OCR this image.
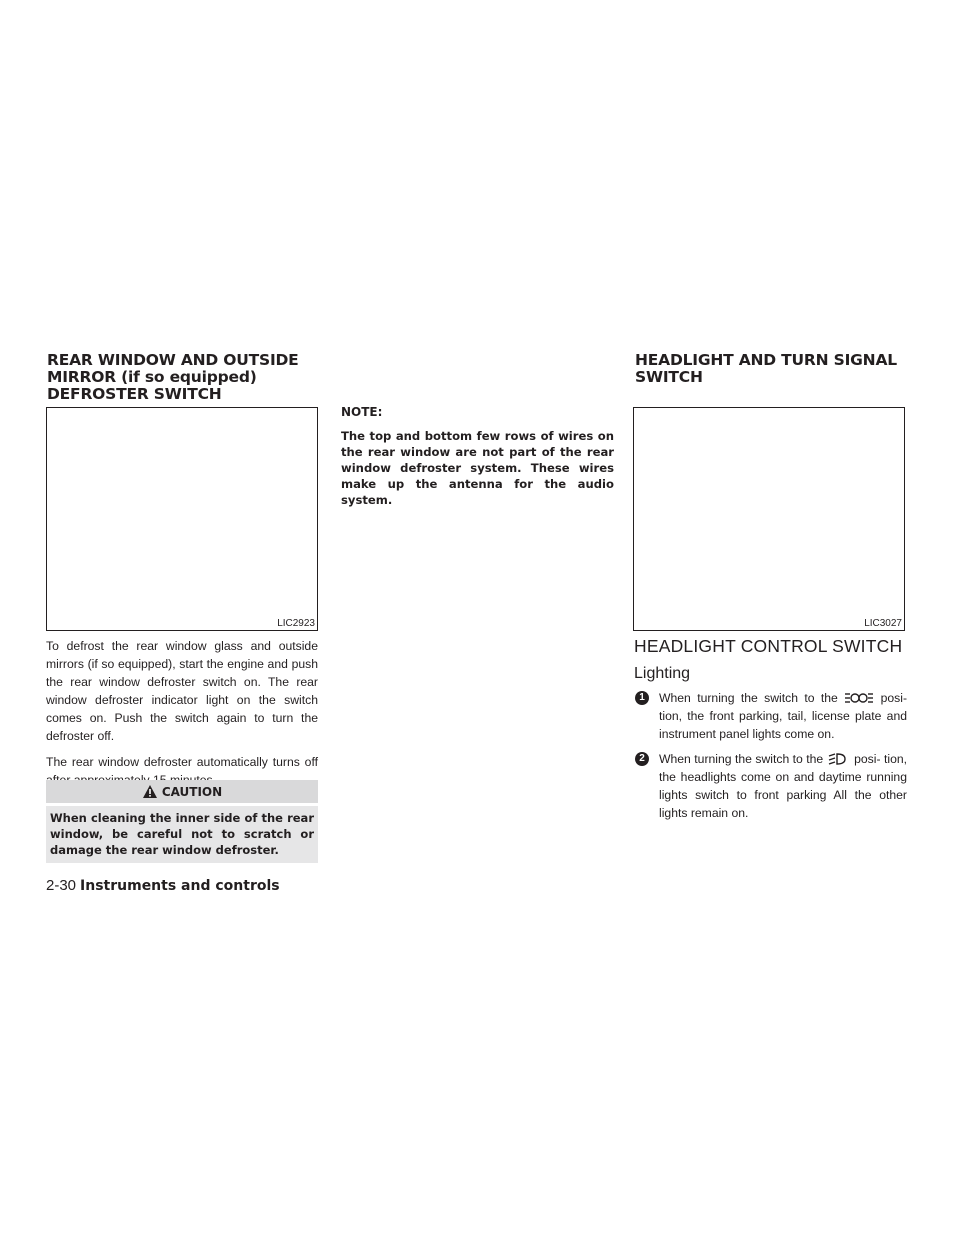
REAR WINDOW AND OUTSIDE
MIRROR (if so equipped)
DEFROSTER SWITCH
LIC2923

To defrost the rear window glass and outside mirrors (if so equipped), start the engine and push the rear window defroster switch on. The rear window defroster indicator light on the switch comes on. Push the switch again to turn the defroster off.

The rear window defroster automatically turns off

CAUTION
When cleaning the inner side of the rear window, be careful not to scratch or damage the rear window defroster.

NOTE:

The top and bottom few rows of wires on the rear window are not part of the rear window defroster system. These wires make up the antenna for the audio system.

HEADLIGHT AND TURN SIGNAL
SWITCH
LIC3027
HEADLIGHT CONTROL SWITCH
Lighting
1	When turning the switch to the	posi- tion, the front parking, tail, license plate and instrument panel lights come on.
2	When turning the switch to the	posi- tion, the headlights come on and daytime running lights switch to front parking All the other lights remain on.
2-30 Instruments and controls
